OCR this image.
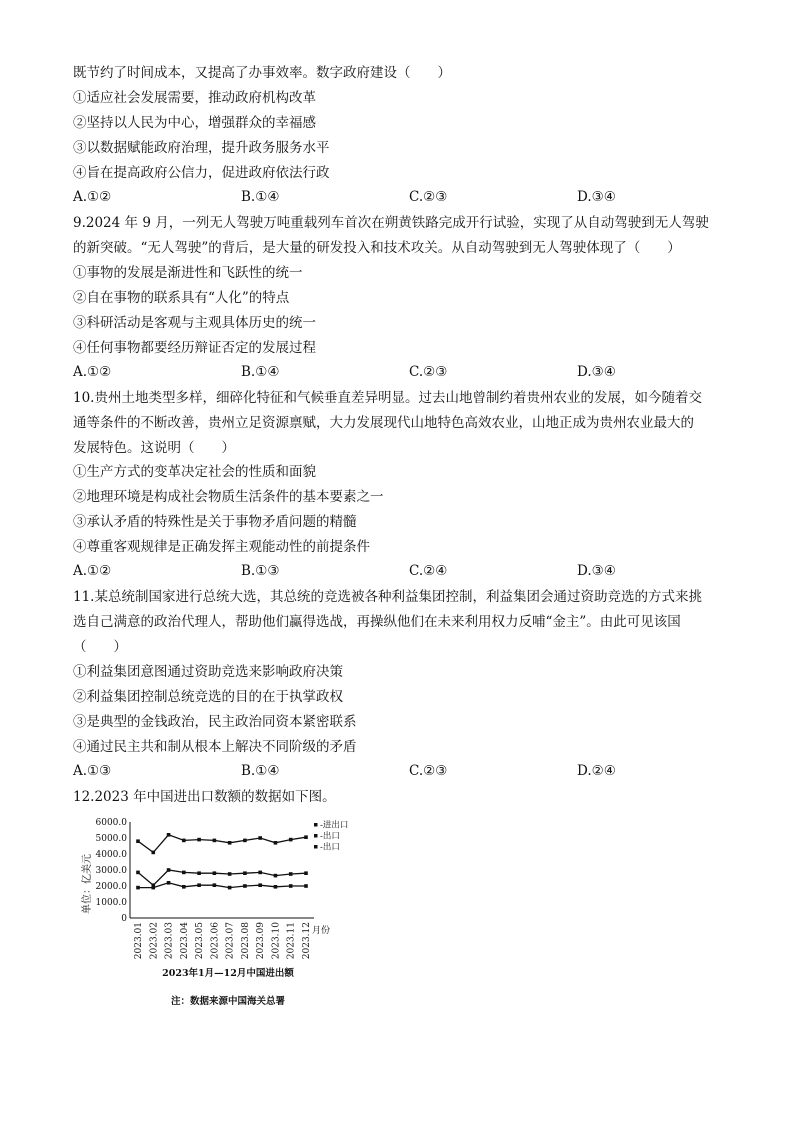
既节约了时间成本，又提高了办事效率。数字政府建设（　　）
①适应社会发展需要，推动政府机构改革
②坚持以人民为中心，增强群众的幸福感
③以数据赋能政府治理，提升政务服务水平
④旨在提高政府公信力，促进政府依法行政
A.①②	B.①④	C.②③	D.③④
9.2024 年 9 月，一列无人驾驶万吨重载列车首次在朔黄铁路完成开行试验，实现了从自动驾驶到无人驾驶
的新突破。“无人驾驶”的背后，是大量的研发投入和技术攻关。从自动驾驶到无人驾驶体现了（　　）
①事物的发展是渐进性和飞跃性的统一
②自在事物的联系具有“人化”的特点
③科研活动是客观与主观具体历史的统一
④任何事物都要经历辩证否定的发展过程
A.①②	B.①④	C.②③	D.③④
10.贵州土地类型多样，细碎化特征和气候垂直差异明显。过去山地曾制约着贵州农业的发展，如今随着交
通等条件的不断改善，贵州立足资源禀赋，大力发展现代山地特色高效农业，山地正成为贵州农业最大的
发展特色。这说明（　　）
①生产方式的变革决定社会的性质和面貌
②地理环境是构成社会物质生活条件的基本要素之一
③承认矛盾的特殊性是关于事物矛盾问题的精髓
④尊重客观规律是正确发挥主观能动性的前提条件
A.①②	B.①③	C.②④	D.③④
11.某总统制国家进行总统大选，其总统的竞选被各种利益集团控制，利益集团会通过资助竞选的方式来挑
选自己满意的政治代理人，帮助他们赢得选战，再操纵他们在未来利用权力反哺“金主”。由此可见该国
（　　）
①利益集团意图通过资助竞选来影响政府决策
②利益集团控制总统竞选的目的在于执掌政权
③是典型的金钱政治，民主政治同资本紧密联系
④通过民主共和制从根本上解决不同阶级的矛盾
A.①③	B.①④	C.②③	D.②④
12.2023 年中国进出口数额的数据如下图。
单位：亿美元
0
1000.0
2000.0
3000.0
4000.0
5000.0
6000.0
2023.01 2023.02 2023.03 2023.04 2023.05 2023.06 2023.07 2023.08 2023.09 2023.10 2023.11 2023.12 月份
-进出口
-出口
-出口
2023年1月—12月中国进出额
注：数据来源中国海关总署
